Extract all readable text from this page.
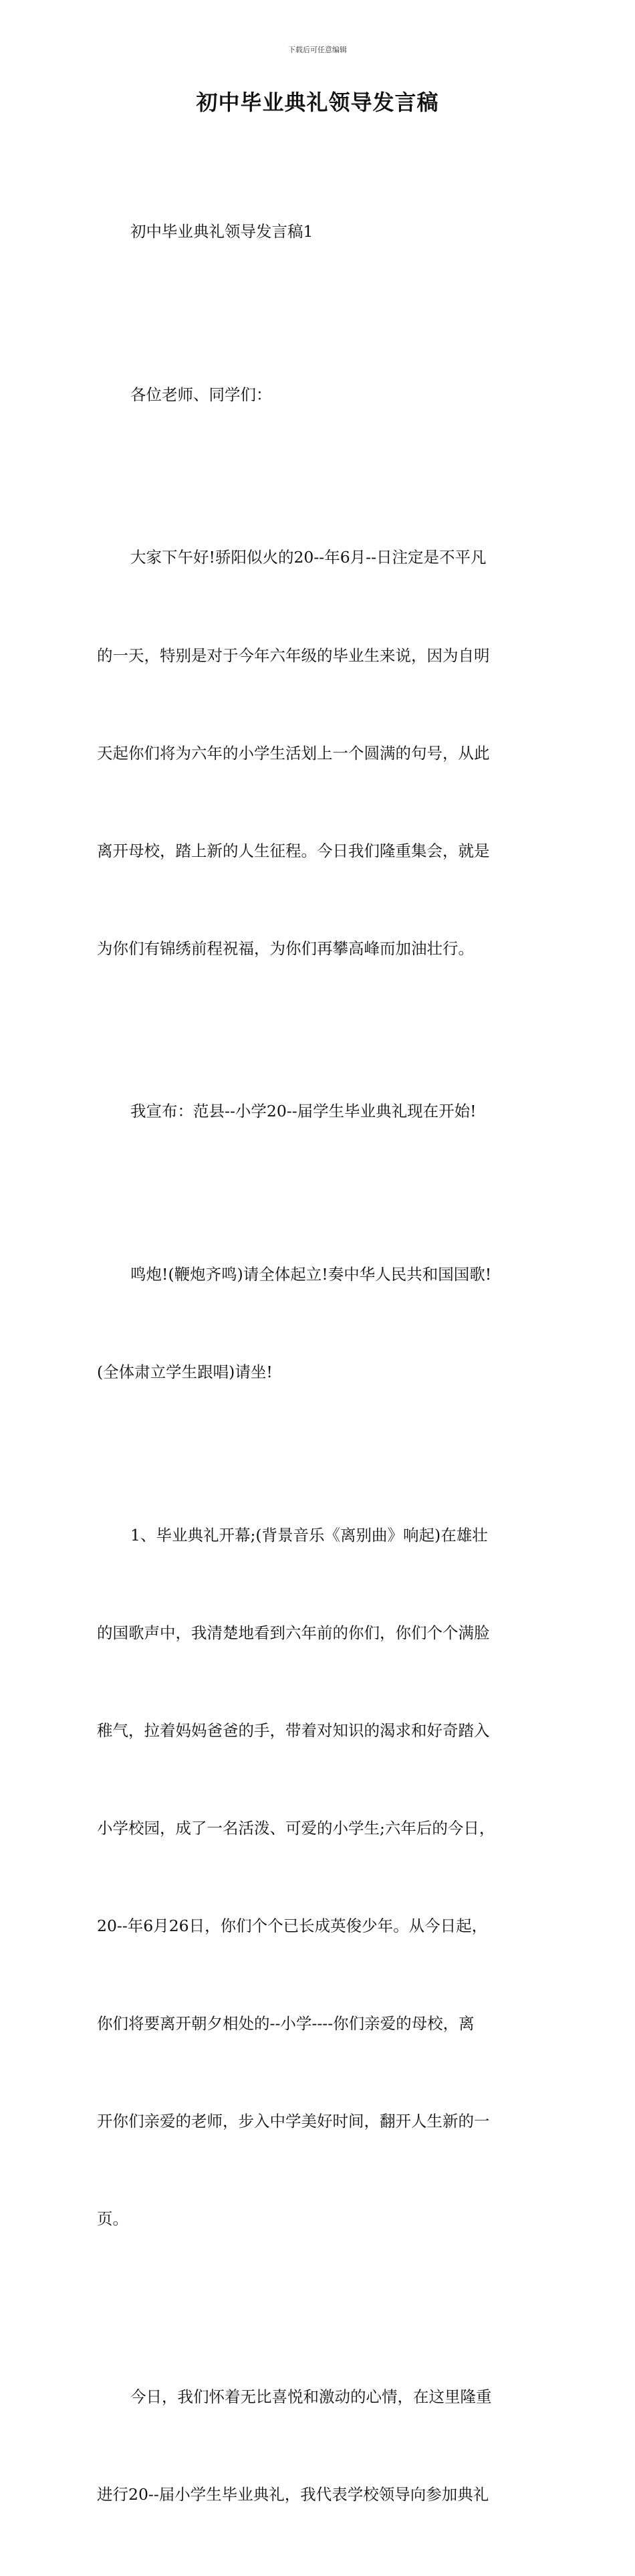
下载后可任意编辑
初中毕业典礼领导发言稿

初中毕业典礼领导发言稿1

各位老师、同学们：

大家下午好!骄阳似火的20--年6月--日注定是不平凡

的一天，特别是对于今年六年级的毕业生来说，因为自明

天起你们将为六年的小学生活划上一个圆满的句号，从此

离开母校，踏上新的人生征程。今日我们隆重集会，就是

为你们有锦绣前程祝福，为你们再攀高峰而加油壮行。

我宣布：范县--小学20--届学生毕业典礼现在开始!

鸣炮!(鞭炮齐鸣)请全体起立!奏中华人民共和国国歌!

(全体肃立学生跟唱)请坐!

1、毕业典礼开幕;(背景音乐《离别曲》响起)在雄壮

的国歌声中，我清楚地看到六年前的你们，你们个个满脸

稚气，拉着妈妈爸爸的手，带着对知识的渴求和好奇踏入

小学校园，成了一名活泼、可爱的小学生;六年后的今日，

20--年6月26日，你们个个已长成英俊少年。从今日起，

你们将要离开朝夕相处的--小学----你们亲爱的母校，离

开你们亲爱的老师，步入中学美好时间，翻开人生新的一

页。

今日，我们怀着无比喜悦和激动的心情，在这里隆重

进行20--届小学生毕业典礼，我代表学校领导向参加典礼
